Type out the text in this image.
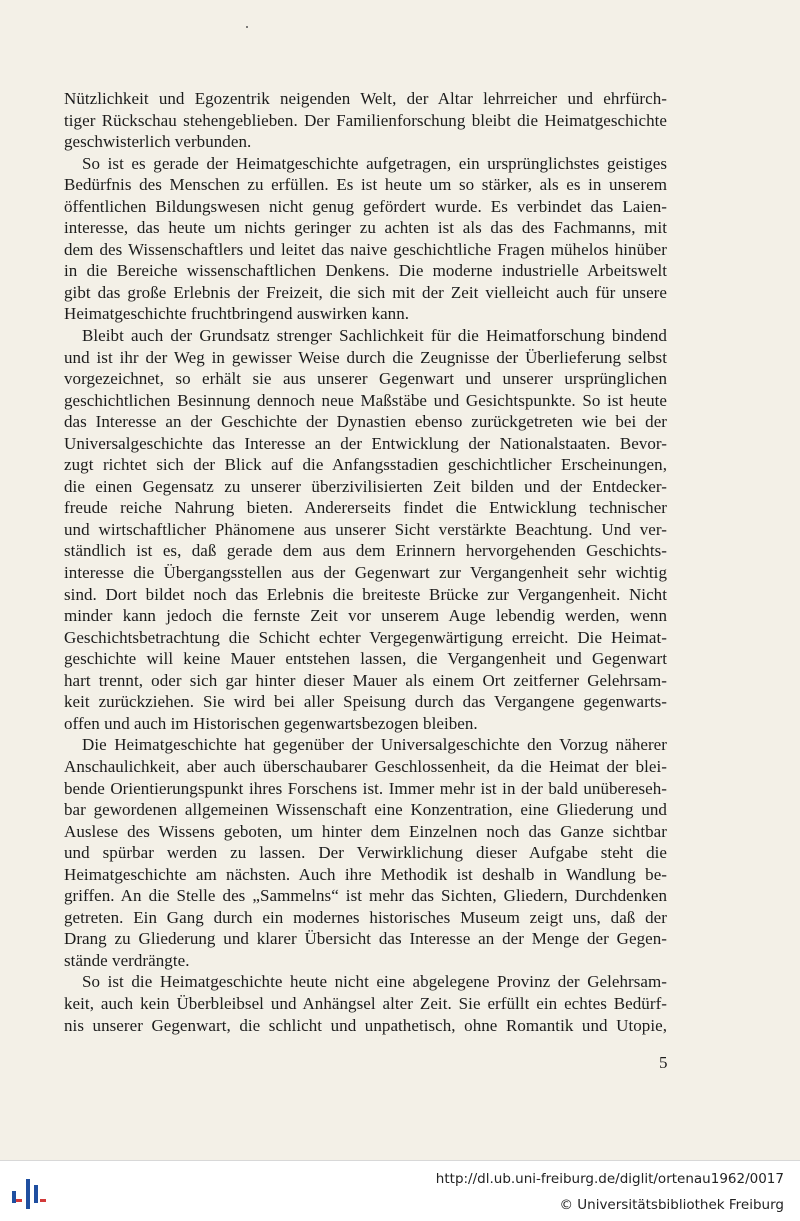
Nützlichkeit und Egozentrik neigenden Welt, der Altar lehrreicher und ehrfürch-
tiger Rückschau stehengeblieben. Der Familienforschung bleibt die Heimatgeschichte
geschwisterlich verbunden.
So ist es gerade der Heimatgeschichte aufgetragen, ein ursprünglichstes geistiges
Bedürfnis des Menschen zu erfüllen. Es ist heute um so stärker, als es in unserem
öffentlichen Bildungswesen nicht genug gefördert wurde. Es verbindet das Laien-
interesse, das heute um nichts geringer zu achten ist als das des Fachmanns, mit
dem des Wissenschaftlers und leitet das naive geschichtliche Fragen mühelos hinüber
in die Bereiche wissenschaftlichen Denkens. Die moderne industrielle Arbeitswelt
gibt das große Erlebnis der Freizeit, die sich mit der Zeit vielleicht auch für unsere
Heimatgeschichte fruchtbringend auswirken kann.
Bleibt auch der Grundsatz strenger Sachlichkeit für die Heimatforschung bindend
und ist ihr der Weg in gewisser Weise durch die Zeugnisse der Überlieferung selbst
vorgezeichnet, so erhält sie aus unserer Gegenwart und unserer ursprünglichen
geschichtlichen Besinnung dennoch neue Maßstäbe und Gesichtspunkte. So ist heute
das Interesse an der Geschichte der Dynastien ebenso zurückgetreten wie bei der
Universalgeschichte das Interesse an der Entwicklung der Nationalstaaten. Bevor-
zugt richtet sich der Blick auf die Anfangsstadien geschichtlicher Erscheinungen,
die einen Gegensatz zu unserer überzivilisierten Zeit bilden und der Entdecker-
freude reiche Nahrung bieten. Andererseits findet die Entwicklung technischer
und wirtschaftlicher Phänomene aus unserer Sicht verstärkte Beachtung. Und ver-
ständlich ist es, daß gerade dem aus dem Erinnern hervorgehenden Geschichts-
interesse die Übergangsstellen aus der Gegenwart zur Vergangenheit sehr wichtig
sind. Dort bildet noch das Erlebnis die breiteste Brücke zur Vergangenheit. Nicht
minder kann jedoch die fernste Zeit vor unserem Auge lebendig werden, wenn
Geschichtsbetrachtung die Schicht echter Vergegenwärtigung erreicht. Die Heimat-
geschichte will keine Mauer entstehen lassen, die Vergangenheit und Gegenwart
hart trennt, oder sich gar hinter dieser Mauer als einem Ort zeitferner Gelehrsam-
keit zurückziehen. Sie wird bei aller Speisung durch das Vergangene gegenwarts-
offen und auch im Historischen gegenwartsbezogen bleiben.
Die Heimatgeschichte hat gegenüber der Universalgeschichte den Vorzug näherer
Anschaulichkeit, aber auch überschaubarer Geschlossenheit, da die Heimat der blei-
bende Orientierungspunkt ihres Forschens ist. Immer mehr ist in der bald unübereseh-
bar gewordenen allgemeinen Wissenschaft eine Konzentration, eine Gliederung und
Auslese des Wissens geboten, um hinter dem Einzelnen noch das Ganze sichtbar
und spürbar werden zu lassen. Der Verwirklichung dieser Aufgabe steht die
Heimatgeschichte am nächsten. Auch ihre Methodik ist deshalb in Wandlung be-
griffen. An die Stelle des „Sammelns“ ist mehr das Sichten, Gliedern, Durchdenken
getreten. Ein Gang durch ein modernes historisches Museum zeigt uns, daß der
Drang zu Gliederung und klarer Übersicht das Interesse an der Menge der Gegen-
stände verdrängte.
So ist die Heimatgeschichte heute nicht eine abgelegene Provinz der Gelehrsam-
keit, auch kein Überbleibsel und Anhängsel alter Zeit. Sie erfüllt ein echtes Bedürf-
nis unserer Gegenwart, die schlicht und unpathetisch, ohne Romantik und Utopie,
5
http://dl.ub.uni-freiburg.de/diglit/ortenau1962/0017
© Universitätsbibliothek Freiburg
